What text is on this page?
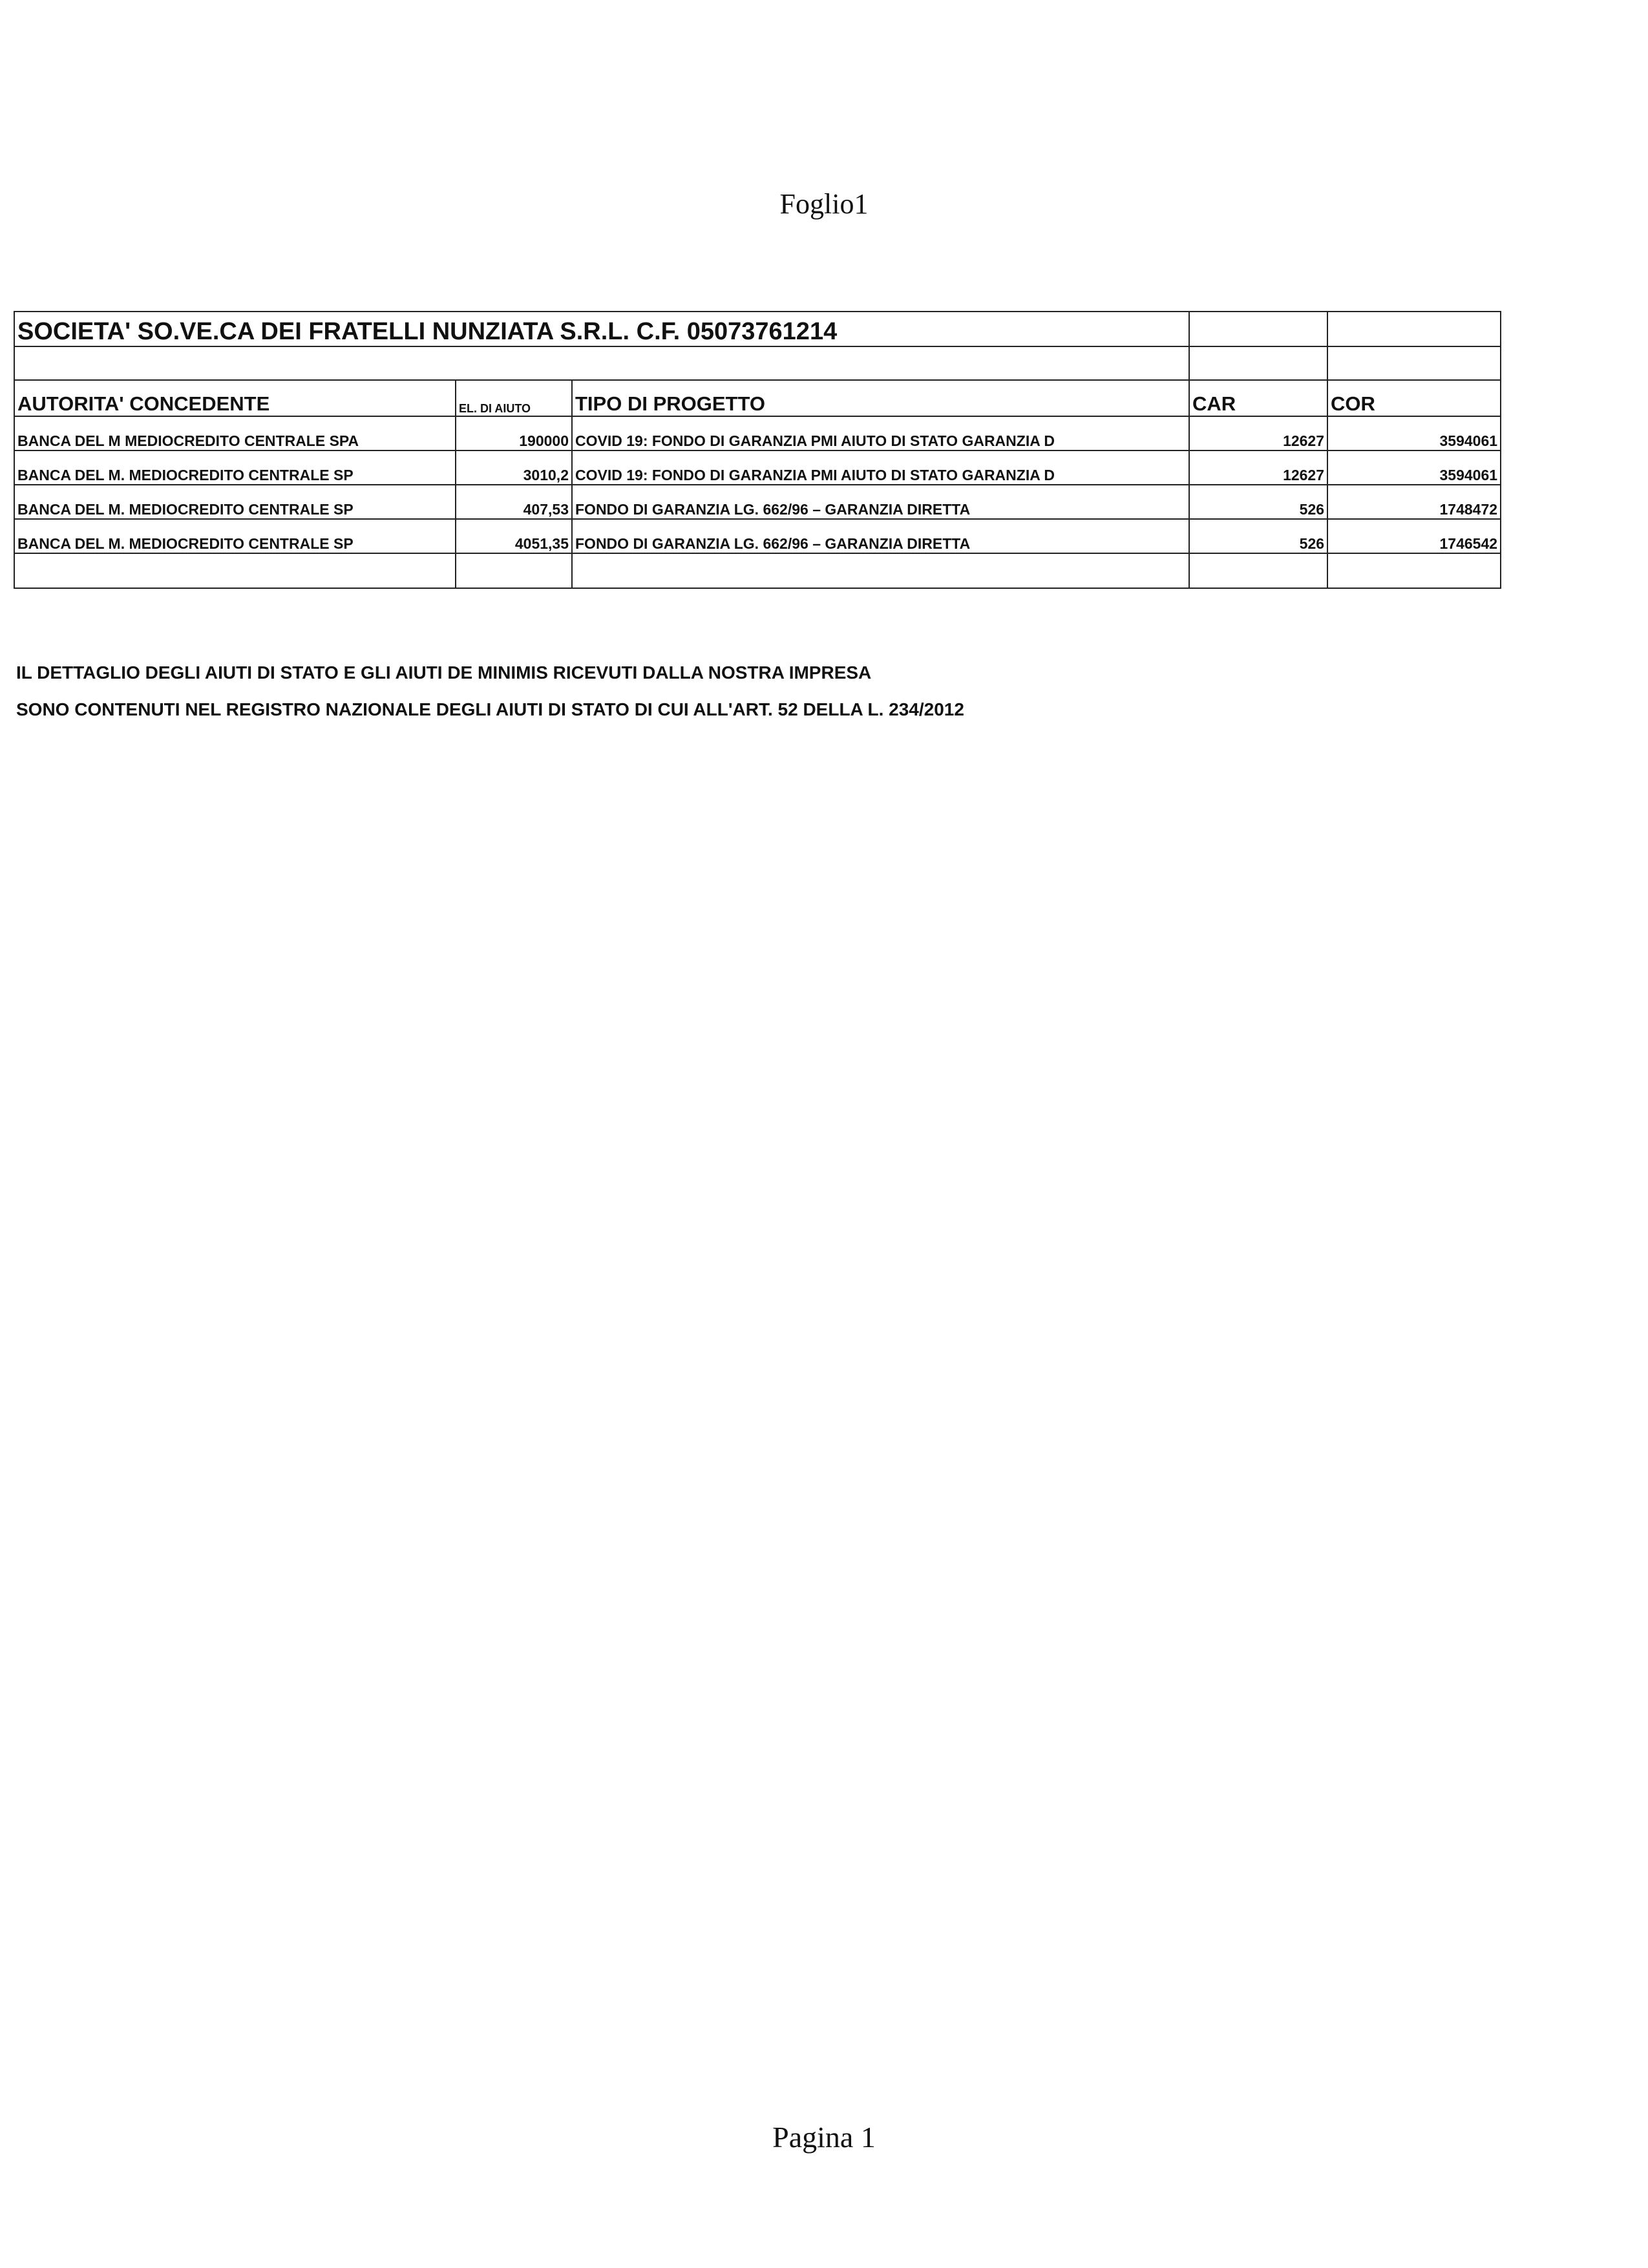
Foglio1
SOCIETA' SO.VE.CA DEI FRATELLI NUNZIATA S.R.L. C.F. 05073761214				

AUTORITA' CONCEDENTE	EL. DI AIUTO	TIPO DI PROGETTO	CAR	COR
BANCA DEL M MEDIOCREDITO CENTRALE SPA	190000	COVID 19: FONDO DI GARANZIA PMI AIUTO DI STATO GARANZIA D	12627	3594061
BANCA DEL M. MEDIOCREDITO CENTRALE SP	3010,2	COVID 19: FONDO DI GARANZIA PMI AIUTO DI STATO GARANZIA D	12627	3594061
BANCA DEL M. MEDIOCREDITO CENTRALE SP	407,53	FONDO DI GARANZIA LG. 662/96 – GARANZIA DIRETTA	526	1748472
BANCA DEL M. MEDIOCREDITO CENTRALE SP	4051,35	FONDO DI GARANZIA LG. 662/96 – GARANZIA DIRETTA	526	1746542

IL DETTAGLIO DEGLI AIUTI DI STATO E GLI AIUTI DE MINIMIS RICEVUTI DALLA NOSTRA IMPRESA
SONO CONTENUTI NEL REGISTRO NAZIONALE DEGLI AIUTI DI STATO DI CUI ALL'ART. 52 DELLA L. 234/2012
Pagina 1
